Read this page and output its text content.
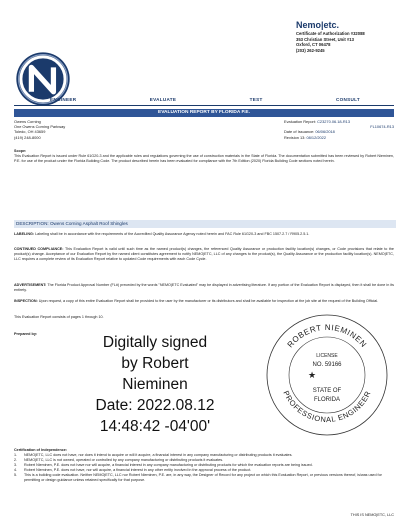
Nemo|etc.
Certificate of Authorization #32088
353 Christian Street, Unit #13
Oxford, CT 06478
(203) 262-9245
ENGINEER	EVALUATE	TEST	CONSULT
EVALUATION REPORT BY FLORIDA P.E.
Owens Corning
One Owens Corning Parkway
Toledo, OH 43659
(419) 248-8000
Evaluation Report: C23270.06.18-R13
FL10674-R13
Date of Issuance: 06/06/2018
Revision 13: 08/12/2022
Scope:
This Evaluation Report is issued under Rule 61G20-3 and the applicable rules and regulations governing the use of construction materials in the State of Florida. The documentation submitted has been reviewed by Robert Nieminen, P.E. for use of the product under the Florida Building Code. The product described herein has been evaluated for compliance with the 7th Edition (2020) Florida Building Code sections noted herein.
DESCRIPTION: Owens Corning Asphalt Roof Shingles
LABELING: Labeling shall be in accordance with the requirements of the Accredited Quality Assurance Agency noted herein and FAC Rule 61G20-3 and FBC 1507.2.7 / R905.2.5.1.
CONTINUED COMPLIANCE: This Evaluation Report is valid until such time as the named product(s) changes, the referenced Quality Assurance or production facility location(s) changes, or Code provisions that relate to the product(s) change. Acceptance of our Evaluation Report by the named client constitutes agreement to notify NEMO|ETC, LLC of any changes to the product(s), the Quality Assurance or the production facility location(s). NEMO|ETC, LLC requires a complete review of its Evaluation Report relative to updated Code requirements with each Code Cycle.
ADVERTISEMENT: The Florida Product Approval Number (FL#) preceded by the words "NEMO|ETC Evaluated" may be displayed in advertising literature. If any portion of the Evaluation Report is displayed, then it shall be done in its entirety.
INSPECTION: Upon request, a copy of this entire Evaluation Report shall be provided to the user by the manufacturer or its distributors and shall be available for inspection at the job site at the request of the Building Official.
This Evaluation Report consists of pages 1 through 10.
Prepared by:	Digitally signed
by Robert
Nieminen
Date: 2022.08.12
14:48:42 -04'00'
ROBERT NIEMINEN
PROFESSIONAL ENGINEER
LICENSE
NO. 59166
★
STATE OF
FLORIDA
Certification of Independence:
1.	NEMO|ETC, LLC does not have, nor does it intend to acquire or will it acquire, a financial interest in any company manufacturing or distributing products it evaluates.
2.	NEMO|ETC, LLC is not owned, operated or controlled by any company manufacturing or distributing products it evaluates.
3.	Robert Nieminen, P.E. does not have nor will acquire, a financial interest in any company manufacturing or distributing products for which the evaluation reports are being issued.
4.	Robert Nieminen, P.E. does not have, nor will acquire, a financial interest in any other entity involved in the approval process of the product.
5.	This is a building code evaluation. Neither NEMO|ETC, LLC nor Robert Nieminen, P.E. are, in any way, the Designer of Record for any project on which this Evaluation Report, or previous versions thereof, is/was used for permitting or design guidance unless retained specifically for that purpose.
THIS IS NEMO|ETC, LLC
